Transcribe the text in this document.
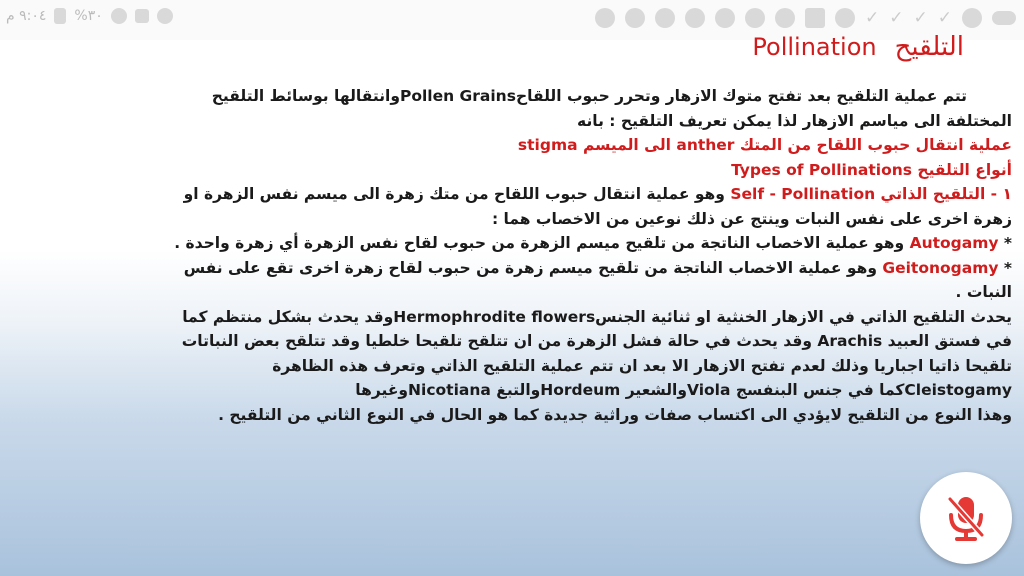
٩:٠٤ م %٣٠	✓ ✓ ✓ ✓
Pollination التلقيح
تتم عملية التلقيح بعد تفتح متوك الازهار وتحرر حبوب اللقاحPollen Grainsوانتقالها بوسائط التلقيح
المختلفة الى مياسم الازهار لذا يمكن تعريف التلقيح : بانه
عملية انتقال حبوب اللقاح من المتك anther الى الميسم stigma
أنواع التلقيح Types of Pollinations
١ - التلقيح الذاتي Self - Pollination وهو عملية انتقال حبوب اللقاح من متك زهرة الى ميسم نفس الزهرة او
زهرة اخرى على نفس النبات وينتج عن ذلك نوعين من الاخصاب هما :
* Autogamy وهو عملية الاخصاب الناتجة من تلقيح ميسم الزهرة من حبوب لقاح نفس الزهرة أي زهرة واحدة .
* Geitonogamy وهو عملية الاخصاب الناتجة من تلقيح ميسم زهرة من حبوب لقاح زهرة اخرى تقع على نفس
النبات .
يحدث التلقيح الذاتي في الازهار الخنثية او ثنائية الجنسHermophrodite flowersوقد يحدث بشكل منتظم كما
في فستق العبيد Arachis وقد يحدث في حالة فشل الزهرة من ان تتلقح تلقيحا خلطيا وقد تتلقح بعض النباتات
تلقيحا ذاتيا اجباريا وذلك لعدم تفتح الازهار الا بعد ان تتم عملية التلقيح الذاتي وتعرف هذه الظاهرة
Cleistogamyكما في جنس البنفسج Violaوالشعير Hordeumوالتبغ Nicotianaوغيرها
وهذا النوع من التلقيح لايؤدي الى اكتساب صفات وراثية جديدة كما هو الحال في النوع الثاني من التلقيح .
